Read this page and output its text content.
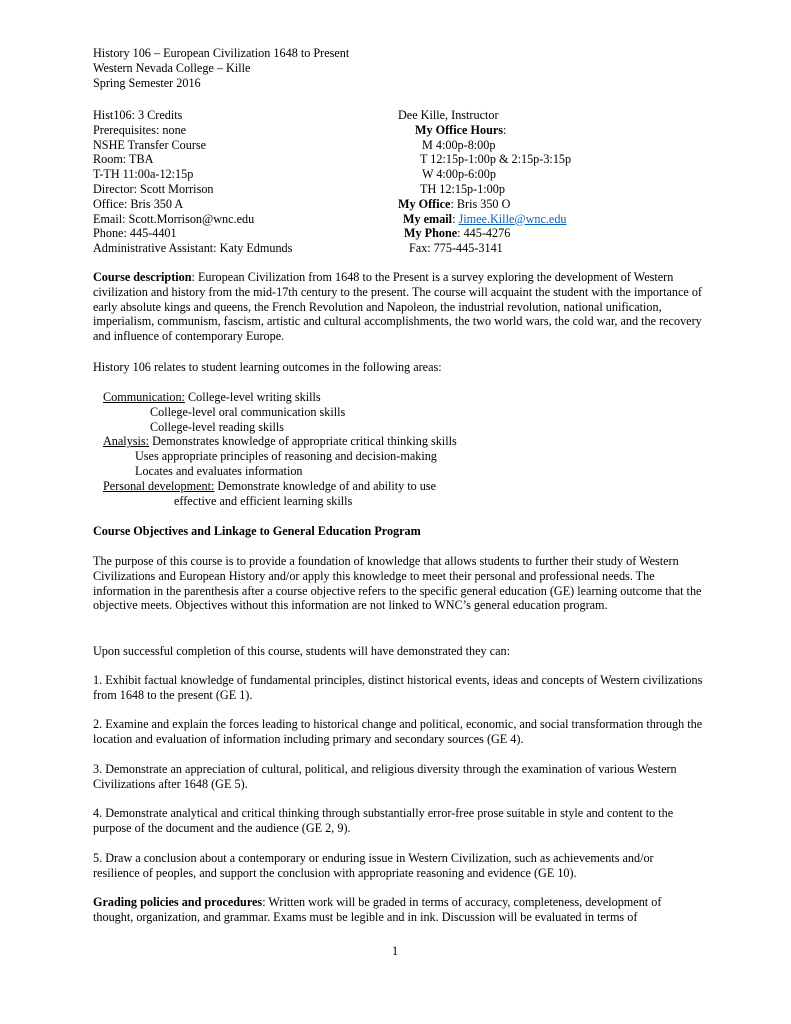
History 106 – European Civilization 1648 to Present
Western Nevada College – Kille
Spring Semester 2016
Hist106: 3 Credits
Prerequisites: none
NSHE Transfer Course
Room: TBA
T-TH 11:00a-12:15p
Director: Scott Morrison
Office: Bris 350 A
Email: Scott.Morrison@wnc.edu
Phone: 445-4401
Administrative Assistant: Katy Edmunds
Dee Kille, Instructor
My Office Hours:
M 4:00p-8:00p
T 12:15p-1:00p & 2:15p-3:15p
W 4:00p-6:00p
TH 12:15p-1:00p
My Office: Bris 350 O
My email: Jimee.Kille@wnc.edu
My Phone: 445-4276
Fax: 775-445-3141

Course description: European Civilization from 1648 to the Present is a survey exploring the development of Western civilization and history from the mid-17th century to the present. The course will acquaint the student with the importance of early absolute kings and queens, the French Revolution and Napoleon, the industrial revolution, national unification, imperialism, communism, fascism, artistic and cultural accomplishments, the two world wars, the cold war, and the recovery and influence of contemporary Europe.

History 106 relates to student learning outcomes in the following areas:

Communication: College-level writing skills
College-level oral communication skills
College-level reading skills
Analysis: Demonstrates knowledge of appropriate critical thinking skills
Uses appropriate principles of reasoning and decision-making
Locates and evaluates information
Personal development: Demonstrate knowledge of and ability to use
effective and efficient learning skills

Course Objectives and Linkage to General Education Program

The purpose of this course is to provide a foundation of knowledge that allows students to further their study of Western Civilizations and European History and/or apply this knowledge to meet their personal and professional needs. The information in the parenthesis after a course objective refers to the specific general education (GE) learning outcome that the objective meets. Objectives without this information are not linked to WNC’s general education program.

Upon successful completion of this course, students will have demonstrated they can:

1. Exhibit factual knowledge of fundamental principles, distinct historical events, ideas and concepts of Western civilizations from 1648 to the present (GE 1).

2. Examine and explain the forces leading to historical change and political, economic, and social transformation through the location and evaluation of information including primary and secondary sources (GE 4).

3. Demonstrate an appreciation of cultural, political, and religious diversity through the examination of various Western Civilizations after 1648 (GE 5).

4. Demonstrate analytical and critical thinking through substantially error-free prose suitable in style and content to the purpose of the document and the audience (GE 2, 9).

5. Draw a conclusion about a contemporary or enduring issue in Western Civilization, such as achievements and/or resilience of peoples, and support the conclusion with appropriate reasoning and evidence (GE 10).

Grading policies and procedures: Written work will be graded in terms of accuracy, completeness, development of thought, organization, and grammar. Exams must be legible and in ink. Discussion will be evaluated in terms of

1
